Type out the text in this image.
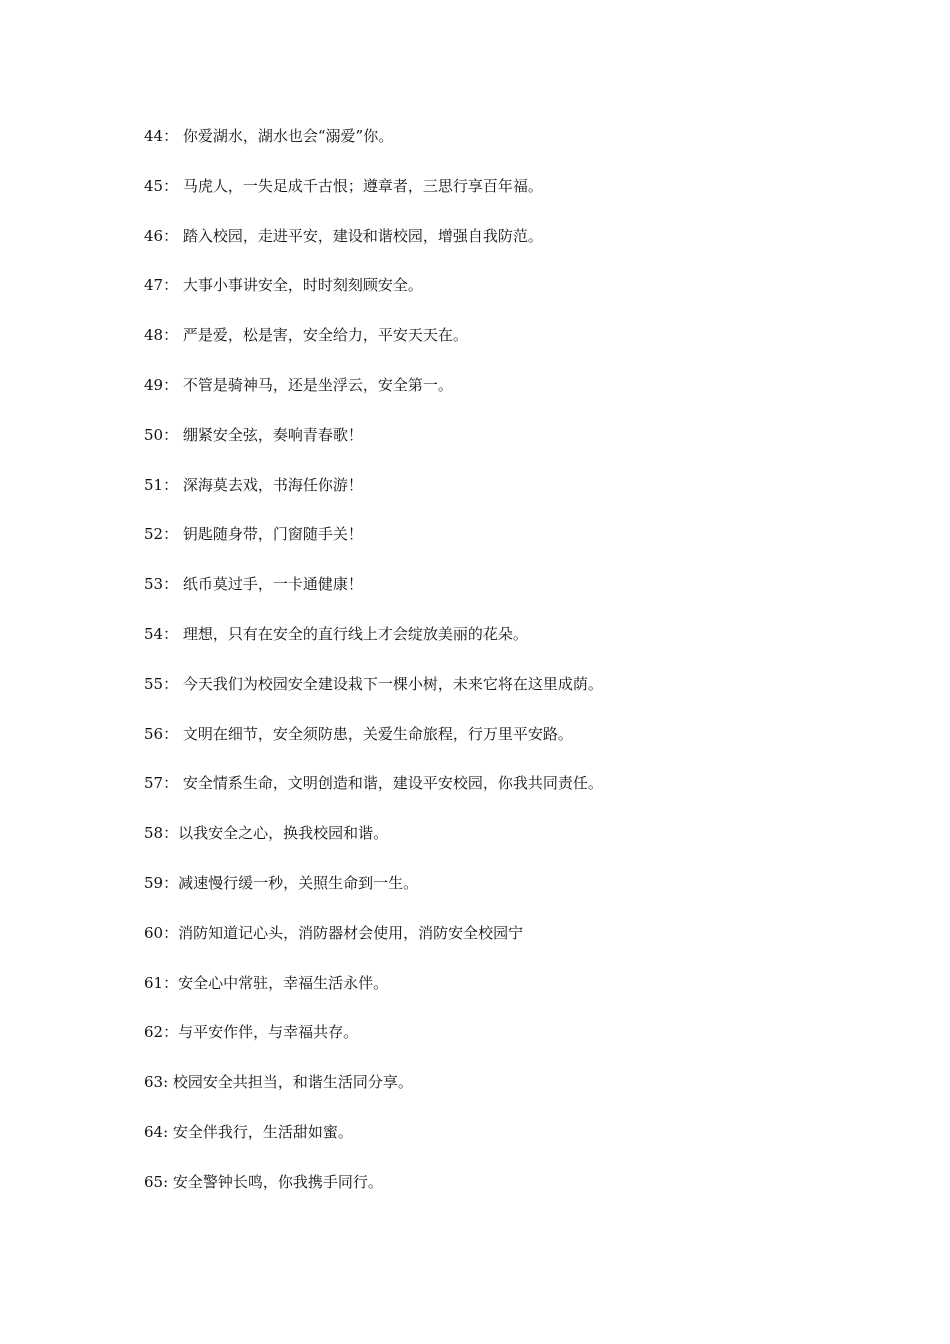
44： 你爱湖水，湖水也会“溺爱”你。
45： 马虎人，一失足成千古恨；遵章者，三思行享百年福。
46： 踏入校园，走进平安，建设和谐校园，增强自我防范。
47： 大事小事讲安全，时时刻刻顾安全。
48： 严是爱，松是害，安全给力，平安天天在。
49： 不管是骑神马，还是坐浮云，安全第一。
50： 绷紧安全弦，奏响青春歌！
51： 深海莫去戏，书海任你游！
52： 钥匙随身带，门窗随手关！
53： 纸币莫过手，一卡通健康！
54： 理想，只有在安全的直行线上才会绽放美丽的花朵。
55： 今天我们为校园安全建设栽下一棵小树，未来它将在这里成荫。
56： 文明在细节，安全须防患，关爱生命旅程，行万里平安路。
57： 安全情系生命，文明创造和谐，建设平安校园，你我共同责任。
58：以我安全之心，换我校园和谐。
59：减速慢行缓一秒，关照生命到一生。
60：消防知道记心头，消防器材会使用，消防安全校园宁
61：安全心中常驻，幸福生活永伴。
62：与平安作伴，与幸福共存。
63: 校园安全共担当，和谐生活同分享。
64: 安全伴我行，生活甜如蜜。
65: 安全警钟长鸣，你我携手同行。
